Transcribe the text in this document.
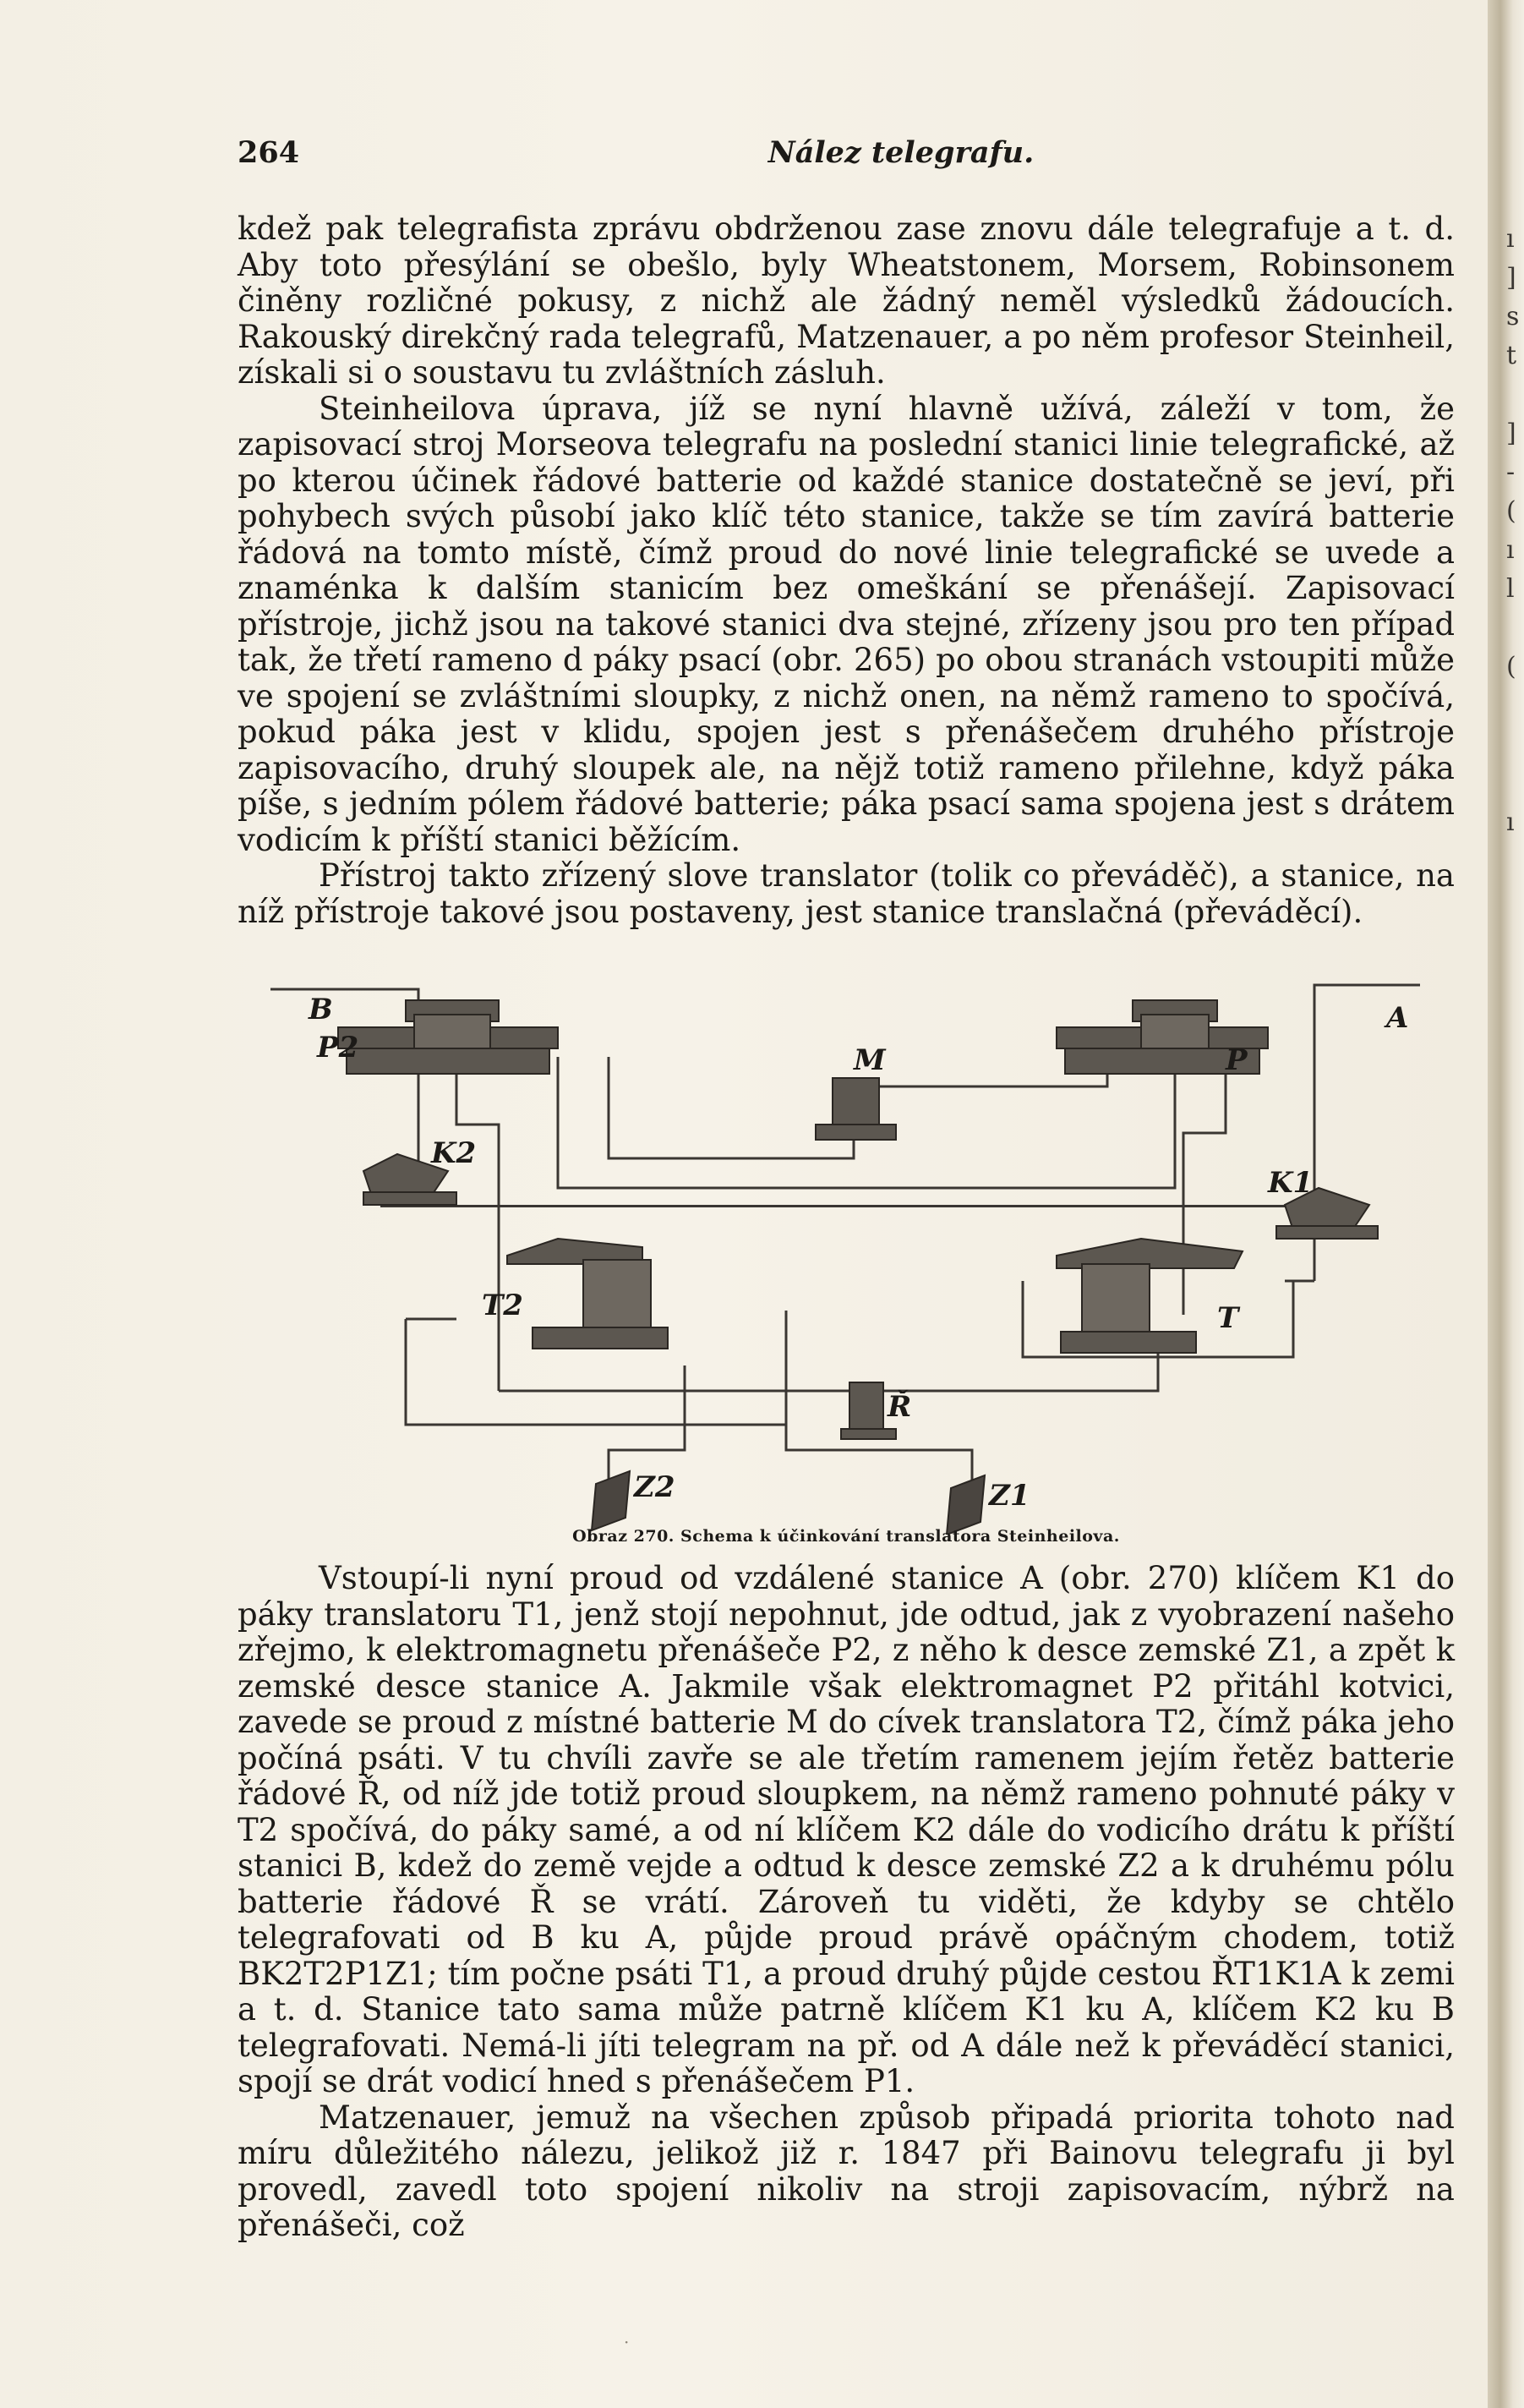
ı
]
s
t

]
-
(
ı
l

(

ı

264	Nález telegrafu.

kdež pak telegrafista zprávu obdrženou zase znovu dále telegrafuje a t. d. Aby toto přesýlání se obešlo, byly Wheatstonem, Morsem, Robinsonem činěny rozličné pokusy, z nichž ale žádný neměl výsledků žádoucích. Rakouský direkčný rada telegrafů, Matzenauer, a po něm profesor Steinheil, získali si o soustavu tu zvláštních zásluh.

Steinheilova úprava, jíž se nyní hlavně užívá, záleží v tom, že zapisovací stroj Morseova telegrafu na poslední stanici linie telegrafické, až po kterou účinek řádové batterie od každé stanice dostatečně se jeví, při pohybech svých působí jako klíč této stanice, takže se tím zavírá batterie řádová na tomto místě, čímž proud do nové linie telegrafické se uvede a znaménka k dalším stanicím bez omeškání se přenášejí. Zapisovací přístroje, jichž jsou na takové stanici dva stejné, zřízeny jsou pro ten případ tak, že třetí rameno d páky psací (obr. 265) po obou stranách vstoupiti může ve spojení se zvláštními sloupky, z nichž onen, na němž rameno to spočívá, pokud páka jest v klidu, spojen jest s přenášečem druhého přístroje zapisovacího, druhý sloupek ale, na nějž totiž rameno přilehne, když páka píše, s jedním pólem řádové batterie; páka psací sama spojena jest s drátem vodicím k příští stanici běžícím.

Přístroj takto zřízený slove translator (tolik co převáděč), a stanice, na níž přístroje takové jsou postaveny, jest stanice translačná (převáděcí).

B	A
P2	P
M
K2
K1
T2	T
Ř
Z2	Z1
Obraz 270. Schema k účinkování translatora Steinheilova.

Vstoupí-li nyní proud od vzdálené stanice A (obr. 270) klíčem K1 do páky translatoru T1, jenž stojí nepohnut, jde odtud, jak z vyobrazení našeho zřejmo, k elektromagnetu přenášeče P2, z něho k desce zemské Z1, a zpět k zemské desce stanice A. Jakmile však elektromagnet P2 přitáhl kotvici, zavede se proud z místné batterie M do cívek translatora T2, čímž páka jeho počíná psáti. V tu chvíli zavře se ale třetím ramenem jejím řetěz batterie řádové Ř, od níž jde totiž proud sloupkem, na němž rameno pohnuté páky v T2 spočívá, do páky samé, a od ní klíčem K2 dále do vodicího drátu k příští stanici B, kdež do země vejde a odtud k desce zemské Z2 a k druhému pólu batterie řádové Ř se vrátí. Zároveň tu viděti, že kdyby se chtělo telegrafovati od B ku A, půjde proud právě opáčným chodem, totiž BK2T2P1Z1; tím počne psáti T1, a proud druhý půjde cestou ŘT1K1A k zemi a t. d. Stanice tato sama může patrně klíčem K1 ku A, klíčem K2 ku B telegrafovati. Nemá-li jíti telegram na př. od A dále než k převáděcí stanici, spojí se drát vodicí hned s přenášečem P1.

Matzenauer, jemuž na všechen způsob připadá priorita tohoto nad míru důležitého nálezu, jelikož již r. 1847 při Bainovu telegrafu ji byl provedl, zavedl toto spojení nikoliv na stroji zapisovacím, nýbrž na přenášeči, což

·
